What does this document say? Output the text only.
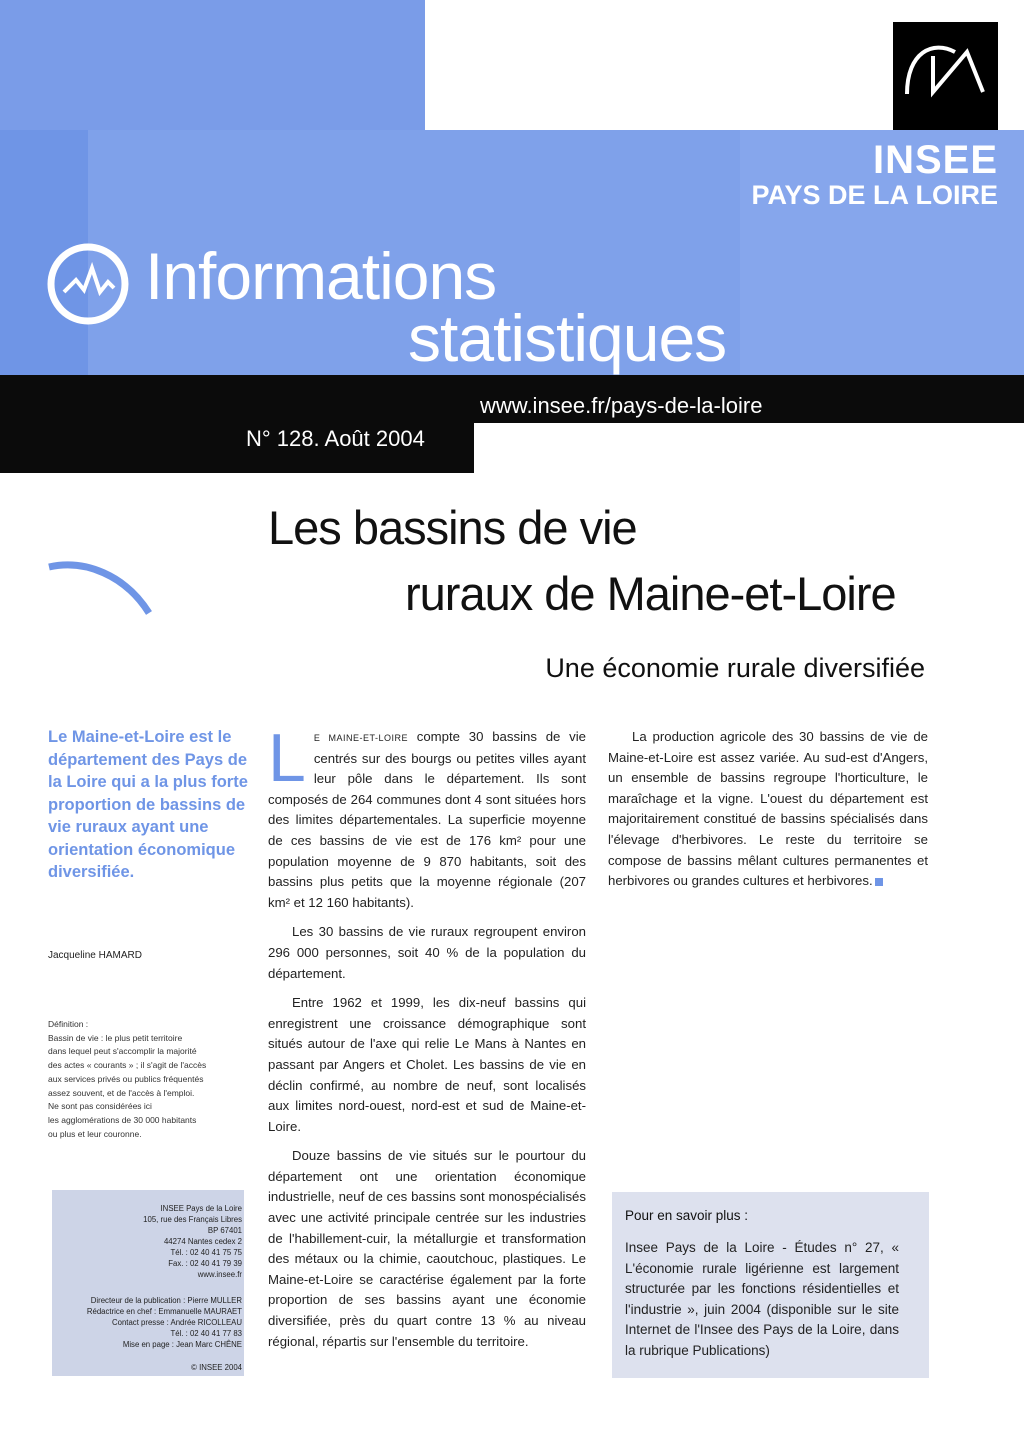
INSEE
PAYS DE LA LOIRE
Informations
statistiques
www.insee.fr/pays-de-la-loire
N° 128. Août 2004
Les bassins de vie
ruraux de Maine-et-Loire
Une économie rurale diversifiée
Le Maine-et-Loire est le département des Pays de la Loire qui a la plus forte proportion de bassins de vie ruraux ayant une orientation économique diversifiée.
Jacqueline HAMARD

Définition :

Bassin de vie : le plus petit territoire

dans lequel peut s'accomplir la majorité

des actes « courants » ; il s'agit de l'accès

aux services privés ou publics fréquentés

assez souvent, et de l'accès à l'emploi.

Ne sont pas considérées ici

les agglomérations de 30 000 habitants

ou plus et leur couronne.

INSEE Pays de la Loire
105, rue des Français Libres
BP 67401
44274 Nantes cedex 2
Tél. : 02 40 41 75 75
Fax. : 02 40 41 79 39
www.insee.fr
Directeur de la publication : Pierre MULLER
Rédactrice en chef : Emmanuelle MAURAET
Contact presse : Andrée RICOLLEAU
Tél. : 02 40 41 77 83
Mise en page : Jean Marc CHÊNE
© INSEE 2004

LE MAINE-ET-LOIRE compte 30 bassins de vie centrés sur des bourgs ou petites villes ayant leur pôle dans le département. Ils sont composés de 264 communes dont 4 sont situées hors des limites départementales. La superficie moyenne de ces bassins de vie est de 176 km² pour une population moyenne de 9 870 habitants, soit des bassins plus petits que la moyenne régionale (207 km² et 12 160 habitants).

Les 30 bassins de vie ruraux regroupent environ 296 000 personnes, soit 40 % de la population du département.

Entre 1962 et 1999, les dix-neuf bassins qui enregistrent une croissance démographique sont situés autour de l'axe qui relie Le Mans à Nantes en passant par Angers et Cholet. Les bassins de vie en déclin confirmé, au nombre de neuf, sont localisés aux limites nord-ouest, nord-est et sud de Maine-et-Loire.

Douze bassins de vie situés sur le pourtour du département ont une orientation économique industrielle, neuf de ces bassins sont monospécialisés avec une activité principale centrée sur les industries de l'habillement-cuir, la métallurgie et transformation des métaux ou la chimie, caoutchouc, plastiques. Le Maine-et-Loire se caractérise également par la forte proportion de ses bassins ayant une économie diversifiée, près du quart contre 13 % au niveau régional, répartis sur l'ensemble du territoire.

La production agricole des 30 bassins de vie de Maine-et-Loire est assez variée. Au sud-est d'Angers, un ensemble de bassins regroupe l'horticulture, le maraîchage et la vigne. L'ouest du département est majoritairement constitué de bassins spécialisés dans l'élevage d'herbivores. Le reste du territoire se compose de bassins mêlant cultures permanentes et herbivores ou grandes cultures et herbivores.

Pour en savoir plus :
Insee Pays de la Loire - Études n° 27, « L'économie rurale ligérienne est largement structurée par les fonctions résidentielles et l'industrie », juin 2004 (disponible sur le site Internet de l'Insee des Pays de la Loire, dans la rubrique Publications)
